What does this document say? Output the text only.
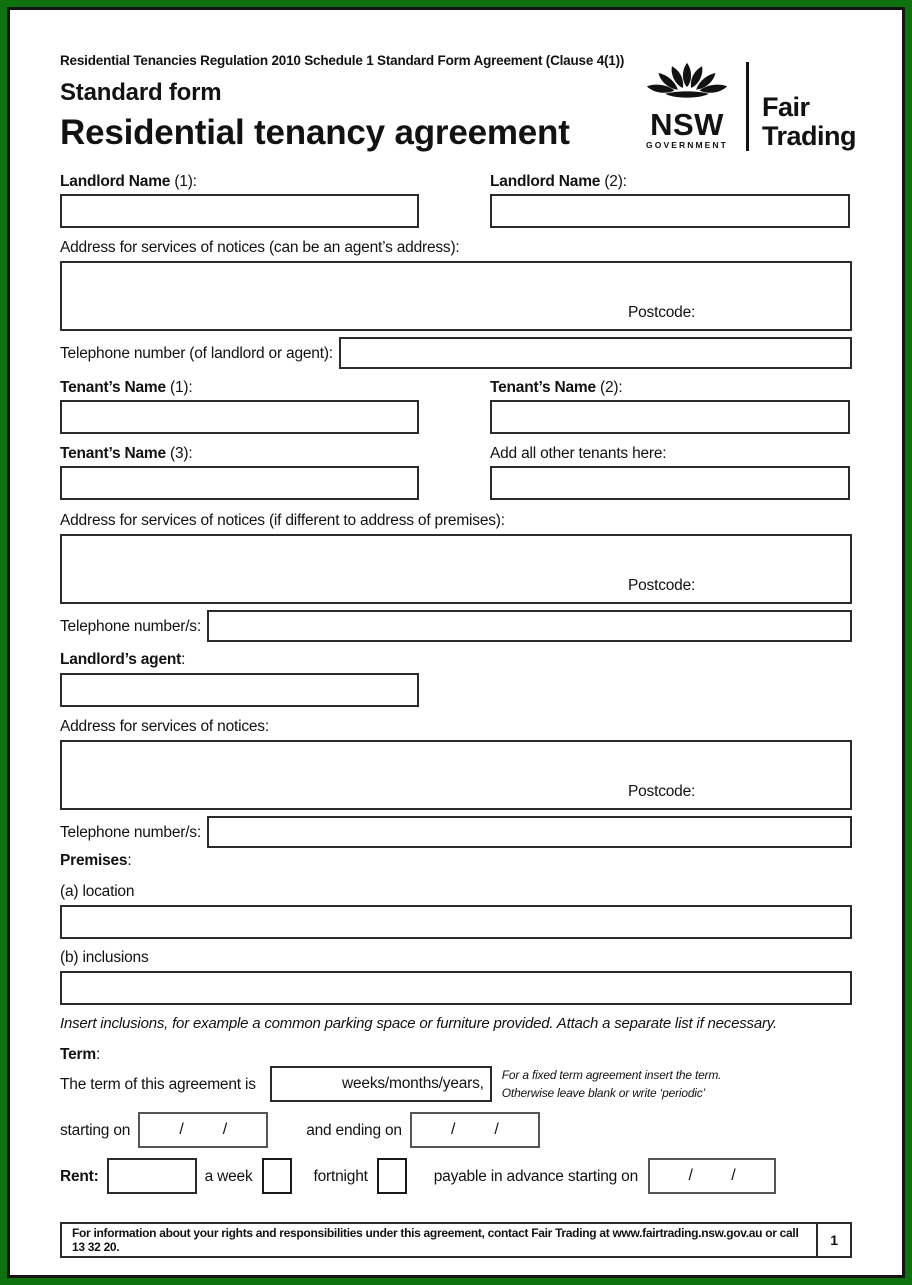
Residential Tenancies Regulation 2010 Schedule 1 Standard Form Agreement (Clause 4(1))
Standard form
Residential tenancy agreement	NSW
GOVERNMENT
Fair
Trading
Landlord Name (1):	Landlord Name (2):
Address for services of notices (can be an agent’s address):
Postcode:
Telephone number (of landlord or agent):
Tenant’s Name (1):	Tenant’s Name (2):
Tenant’s Name (3):	Add all other tenants here:
Address for services of notices (if different to address of premises):
Postcode:
Telephone number/s:
Landlord’s agent:
Address for services of notices:
Postcode:
Telephone number/s:
Premises:
(a) location
(b) inclusions
Insert inclusions, for example a common parking space or furniture provided. Attach a separate list if necessary.
Term:
The term of this agreement is	weeks/months/years, For a fixed term agreement insert the term.
Otherwise leave blank or write ‘periodic’
starting on	/ /	and ending on	/ /
Rent:	a week	fortnight	payable in advance starting on	/ /
For information about your rights and responsibilities under this agreement, contact Fair Trading at www.fairtrading.nsw.gov.au or call 13 32 20.	1
